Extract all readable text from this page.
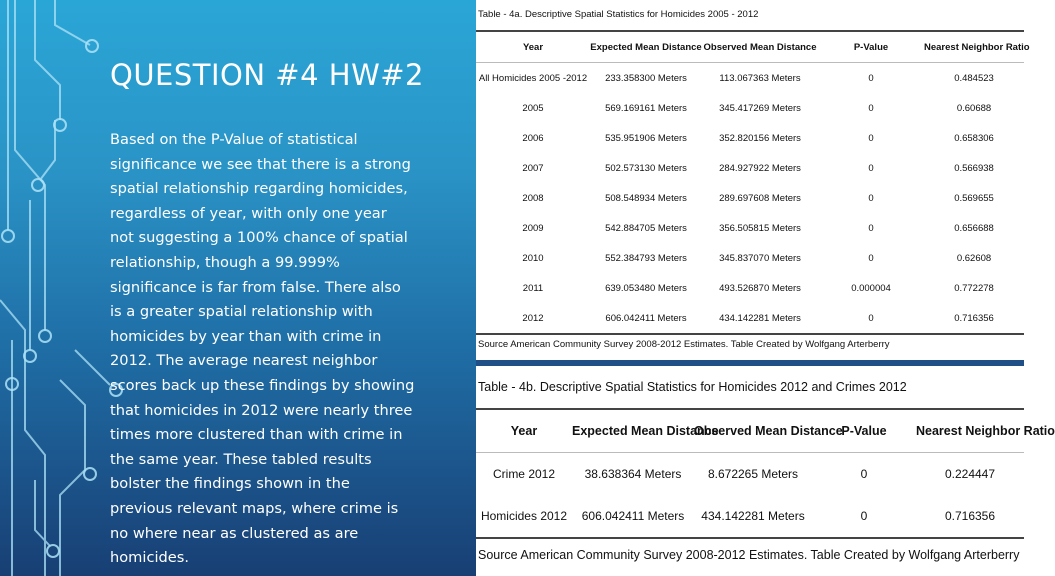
QUESTION #4 HW#2
Based on the P-Value of statistical significance we see that there is a strong spatial relationship regarding homicides, regardless of year, with only one year not suggesting a 100% chance of spatial relationship, though a 99.999% significance is far from false. There also is a greater spatial relationship with homicides by year than with crime in 2012. The average nearest neighbor scores back up these findings by showing that homicides in 2012 were nearly three times more clustered than with crime in the same year. These tabled results bolster the findings shown in the previous relevant maps, where crime is no where near as clustered as are homicides.
Table - 4a. Descriptive Spatial Statistics for Homicides 2005 - 2012
Year	Expected Mean Distance	Observed Mean Distance	P-Value	Nearest Neighbor Ratio
All Homicides 2005 -2012	233.358300 Meters	113.067363 Meters	0	0.484523
2005	569.169161 Meters	345.417269 Meters	0	0.60688
2006	535.951906 Meters	352.820156 Meters	0	0.658306
2007	502.573130 Meters	284.927922 Meters	0	0.566938
2008	508.548934 Meters	289.697608 Meters	0	0.569655
2009	542.884705 Meters	356.505815 Meters	0	0.656688
2010	552.384793 Meters	345.837070 Meters	0	0.62608
2011	639.053480 Meters	493.526870 Meters	0.000004	0.772278
2012	606.042411 Meters	434.142281 Meters	0	0.716356
Source American Community Survey 2008-2012 Estimates. Table Created by Wolfgang Arterberry
Table - 4b. Descriptive Spatial Statistics for Homicides 2012 and Crimes 2012
Year	Expected Mean Distance	Observed Mean Distance	P-Value	Nearest Neighbor Ratio
Crime 2012	38.638364 Meters	8.672265 Meters	0	0.224447
Homicides 2012	606.042411 Meters	434.142281 Meters	0	0.716356
Source American Community Survey 2008-2012 Estimates. Table Created by Wolfgang Arterberry
